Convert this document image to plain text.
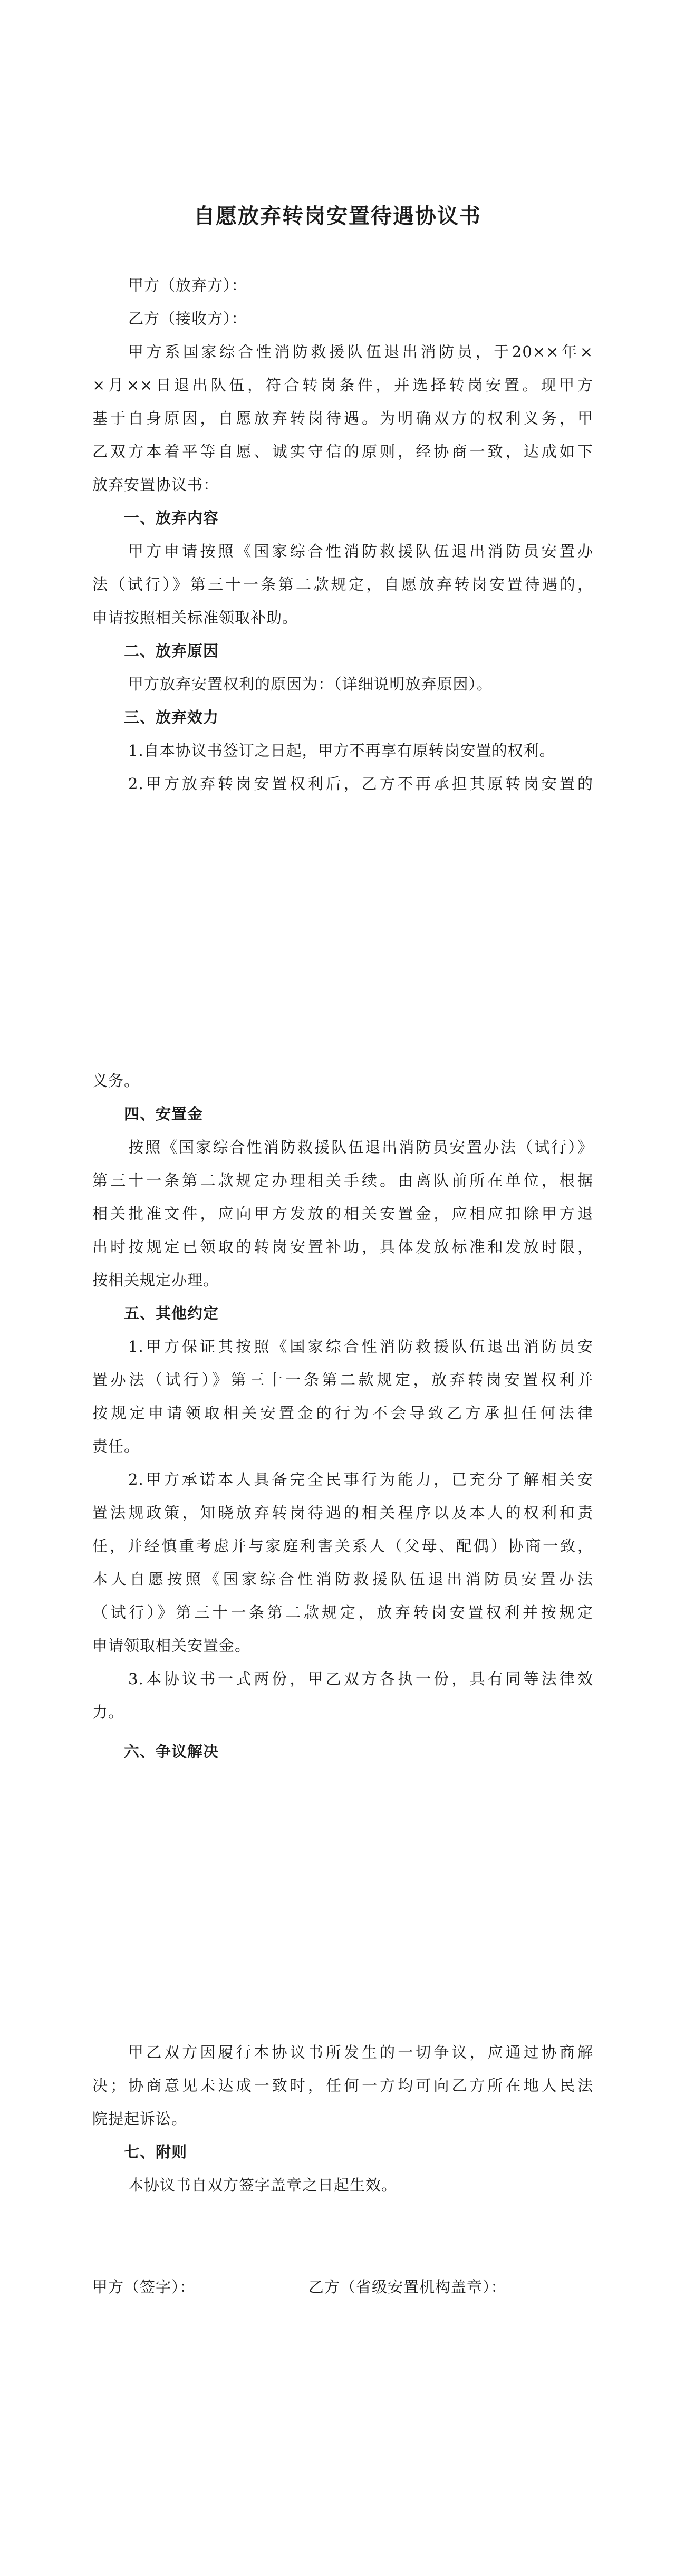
自愿放弃转岗安置待遇协议书
甲方（放弃方）：
乙方（接收方）：
甲方系国家综合性消防救援队伍退出消防员，于20××年×
×月××日退出队伍，符合转岗条件，并选择转岗安置。现甲方
基于自身原因，自愿放弃转岗待遇。为明确双方的权利义务，甲
乙双方本着平等自愿、诚实守信的原则，经协商一致，达成如下
放弃安置协议书：
一、放弃内容
甲方申请按照《国家综合性消防救援队伍退出消防员安置办
法（试行）》第三十一条第二款规定，自愿放弃转岗安置待遇的，
申请按照相关标准领取补助。
二、放弃原因
甲方放弃安置权利的原因为：（详细说明放弃原因）。
三、放弃效力
1.自本协议书签订之日起，甲方不再享有原转岗安置的权利。
2.甲方放弃转岗安置权利后，乙方不再承担其原转岗安置的
义务。
四、安置金
按照《国家综合性消防救援队伍退出消防员安置办法（试行）》
第三十一条第二款规定办理相关手续。由离队前所在单位，根据
相关批准文件，应向甲方发放的相关安置金，应相应扣除甲方退
出时按规定已领取的转岗安置补助，具体发放标准和发放时限，
按相关规定办理。
五、其他约定
1.甲方保证其按照《国家综合性消防救援队伍退出消防员安
置办法（试行）》第三十一条第二款规定，放弃转岗安置权利并
按规定申请领取相关安置金的行为不会导致乙方承担任何法律
责任。
2.甲方承诺本人具备完全民事行为能力，已充分了解相关安
置法规政策，知晓放弃转岗待遇的相关程序以及本人的权利和责
任，并经慎重考虑并与家庭利害关系人（父母、配偶）协商一致，
本人自愿按照《国家综合性消防救援队伍退出消防员安置办法
（试行）》第三十一条第二款规定，放弃转岗安置权利并按规定
申请领取相关安置金。
3.本协议书一式两份，甲乙双方各执一份，具有同等法律效
力。
六、争议解决
甲乙双方因履行本协议书所发生的一切争议，应通过协商解
决；协商意见未达成一致时，任何一方均可向乙方所在地人民法
院提起诉讼。
七、附则
本协议书自双方签字盖章之日起生效。
甲方（签字）：	乙方（省级安置机构盖章）：
